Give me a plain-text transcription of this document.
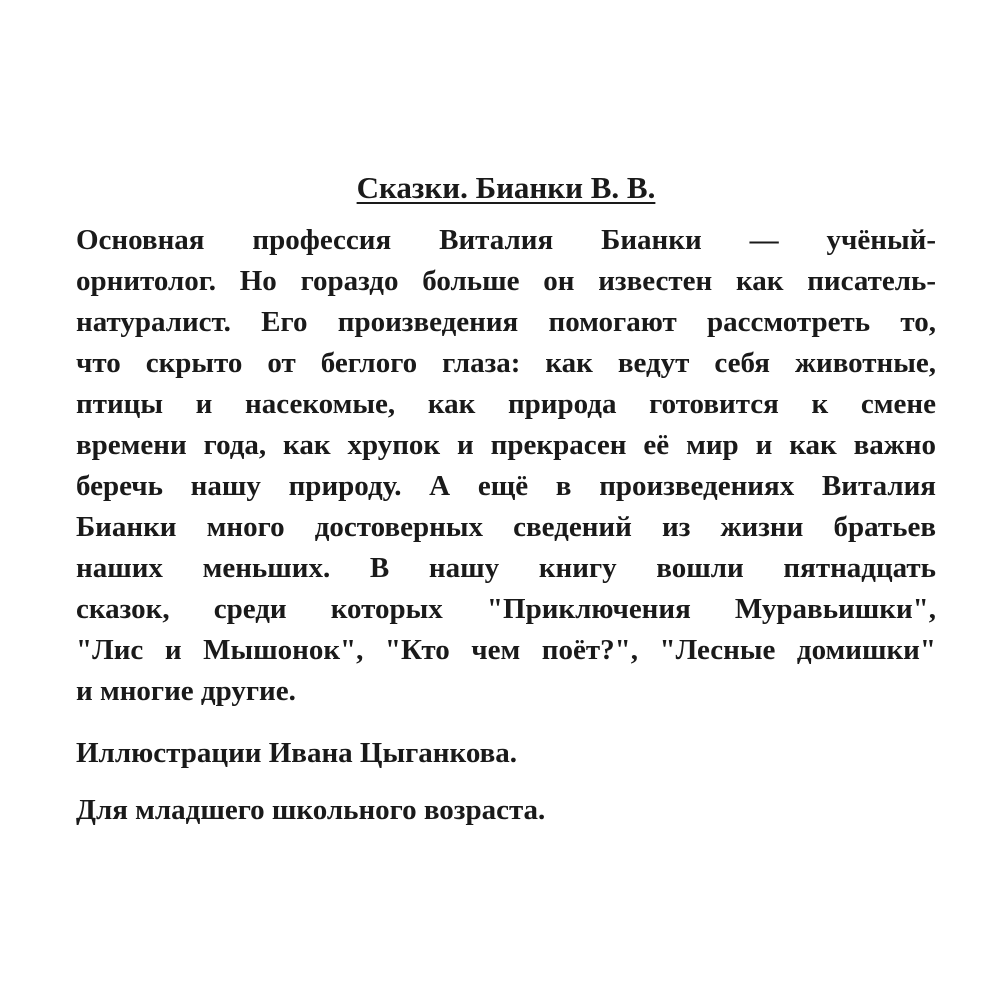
Сказки. Бианки В. В.
Основная профессия Виталия Бианки — учёный-
орнитолог. Но гораздо больше он известен как писатель-
натуралист. Его произведения помогают рассмотреть то,
что скрыто от беглого глаза: как ведут себя животные,
птицы и насекомые, как природа готовится к смене
времени года, как хрупок и прекрасен её мир и как важно
беречь нашу природу. А ещё в произведениях Виталия
Бианки много достоверных сведений из жизни братьев
наших меньших. В нашу книгу вошли пятнадцать
сказок, среди которых "Приключения Муравьишки",
"Лис и Мышонок", "Кто чем поёт?", "Лесные домишки"
и многие другие.

Иллюстрации Ивана Цыганкова.

Для младшего школьного возраста.
